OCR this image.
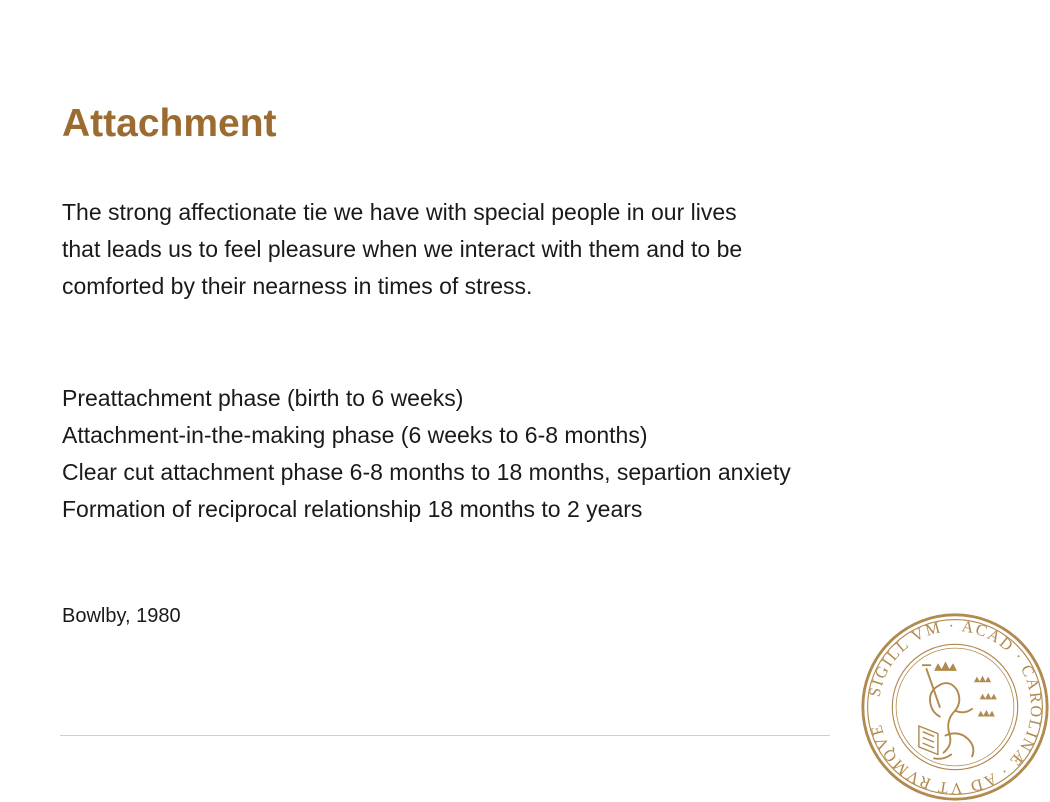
Attachment
The strong affectionate tie we have with special people in our lives
that leads us to feel pleasure when we interact with them and to be
comforted by their nearness in times of stress.
Preattachment phase (birth to 6 weeks)
Attachment-in-the-making phase (6 weeks to 6-8 months)
Clear cut attachment phase 6-8 months to 18 months, separtion anxiety
Formation of reciprocal relationship 18 months to 2 years

Bowlby, 1980

SIGILL VM · ACAD · CAROLINÆ · AD VT RVMQVE
